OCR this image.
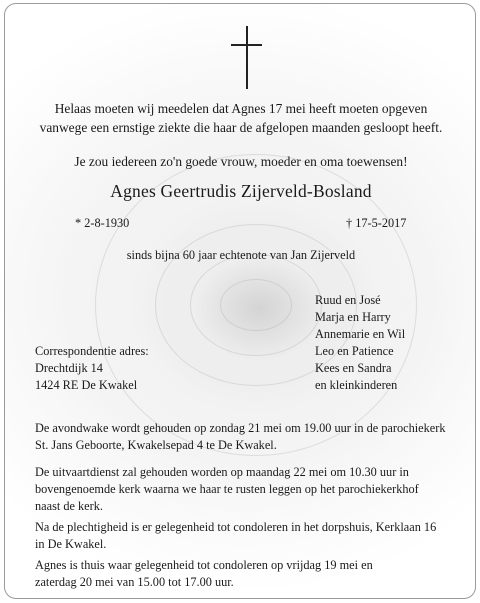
Helaas moeten wij meedelen dat Agnes 17 mei heeft moeten opgeven
vanwege een ernstige ziekte die haar de afgelopen maanden gesloopt heeft.
Je zou iedereen zo'n goede vrouw, moeder en oma toewensen!
Agnes Geertrudis Zijerveld-Bosland
* 2-8-1930	† 17-5-2017
sinds bijna 60 jaar echtenote van Jan Zijerveld
Ruud en José
Marja en Harry
Annemarie en Wil
Leo en Patience
Kees en Sandra
en kleinkinderen
Correspondentie adres:
Drechtdijk 14
1424 RE De Kwakel
De avondwake wordt gehouden op zondag 21 mei om 19.00 uur in de parochiekerk
St. Jans Geboorte, Kwakelsepad 4 te De Kwakel.
De uitvaartdienst zal gehouden worden op maandag 22 mei om 10.30 uur in
bovengenoemde kerk waarna we haar te rusten leggen op het parochiekerkhof
naast de kerk.
Na de plechtigheid is er gelegenheid tot condoleren in het dorpshuis, Kerklaan 16
in De Kwakel.
Agnes is thuis waar gelegenheid tot condoleren op vrijdag 19 mei en
zaterdag 20 mei van 15.00 tot 17.00 uur.
